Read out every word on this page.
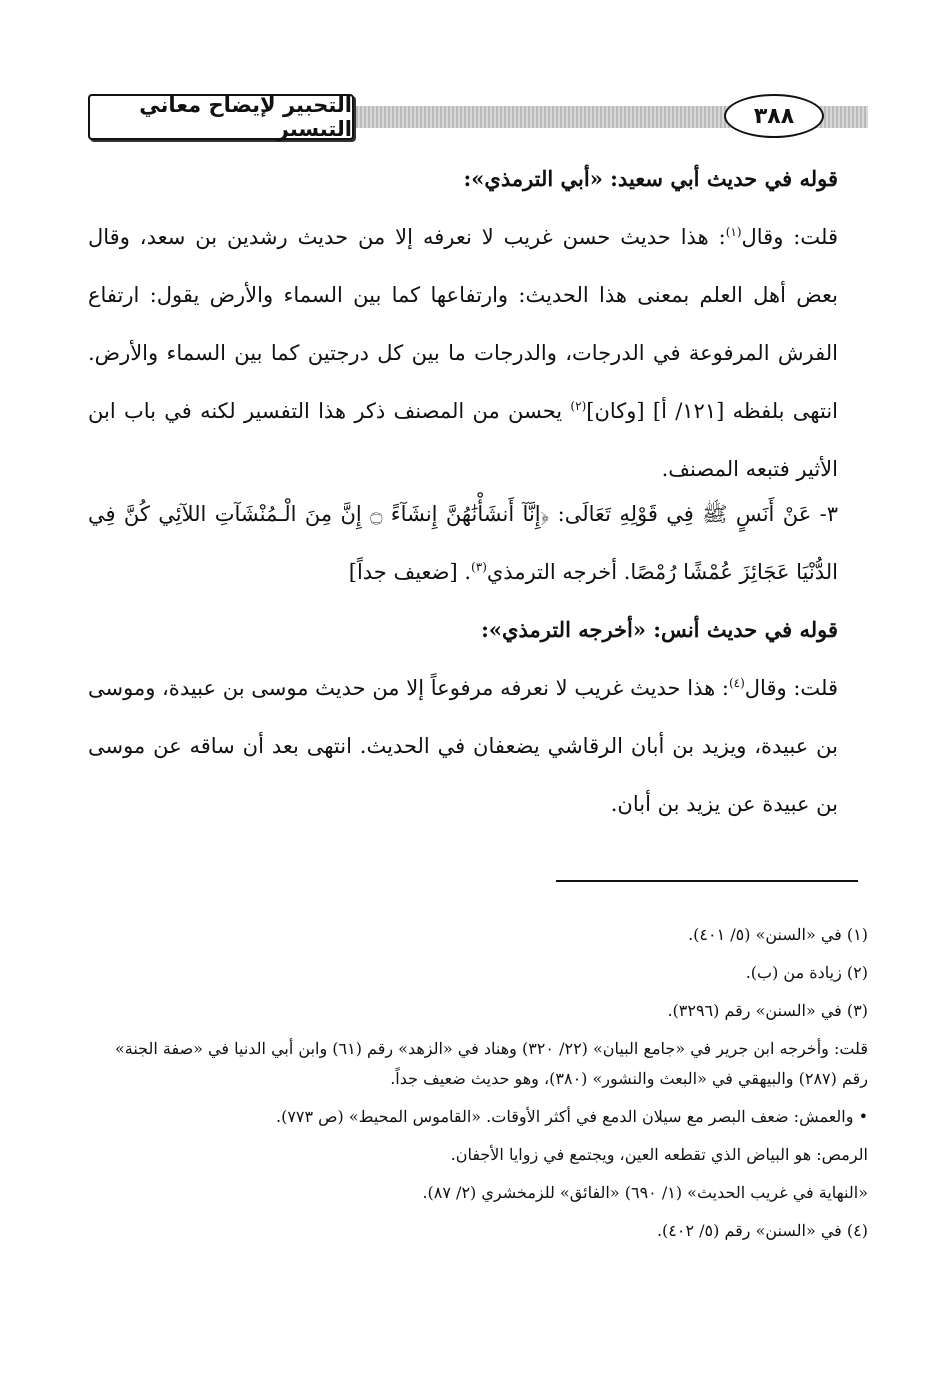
التحبير لإيضاح معاني التيسير
٣٨٨

قوله في حديث أبي سعيد: «أبي الترمذي»:

قلت: وقال$^{(١)}$: هذا حديث حسن غريب لا نعرفه إلا من حديث رشدين بن سعد، وقال بعض أهل العلم بمعنى هذا الحديث: وارتفاعها كما بين السماء والأرض يقول: ارتفاع الفرش المرفوعة في الدرجات، والدرجات ما بين كل درجتين كما بين السماء والأرض. انتهى بلفظه [١٢١/ أ] [وكان]$^{(٢)}$ يحسن من المصنف ذكر هذا التفسير لكنه في باب ابن الأثير فتبعه المصنف.

٣- عَنْ أَنَسٍ ﷺ فِي قَوْلِهِ تَعَالَى: ﴿إِنَّآ أَنشَأْنَٰهُنَّ إِنشَآءً ۝ إِنَّ مِنَ الْـمُنْشَآتِ اللآئِي كُنَّ فِي الدُّنْيَا عَجَائِزَ عُمْشًا رُمْصًا. أخرجه الترمذي$^{(٣)}$. [ضعيف جداً]

قوله في حديث أنس: «أخرجه الترمذي»:

قلت: وقال$^{(٤)}$: هذا حديث غريب لا نعرفه مرفوعاً إلا من حديث موسى بن عبيدة، وموسى بن عبيدة، ويزيد بن أبان الرقاشي يضعفان في الحديث. انتهى بعد أن ساقه عن موسى بن عبيدة عن يزيد بن أبان.

(١) في «السنن» (٥/ ٤٠١).

(٢) زيادة من (ب).

(٣) في «السنن» رقم (٣٢٩٦).

قلت: وأخرجه ابن جرير في «جامع البيان» (٢٢/ ٣٢٠) وهناد في «الزهد» رقم (٦١) وابن أبي الدنيا في «صفة الجنة» رقم (٢٨٧) والبيهقي في «البعث والنشور» (٣٨٠)، وهو حديث ضعيف جداً.

• والعمش: ضعف البصر مع سيلان الدمع في أكثر الأوقات. «القاموس المحيط» (ص ٧٧٣).

الرمص: هو البياض الذي تقطعه العين، ويجتمع في زوايا الأجفان.

«النهاية في غريب الحديث» (١/ ٦٩٠) «الفائق» للزمخشري (٢/ ٨٧).

(٤) في «السنن» رقم (٥/ ٤٠٢).
